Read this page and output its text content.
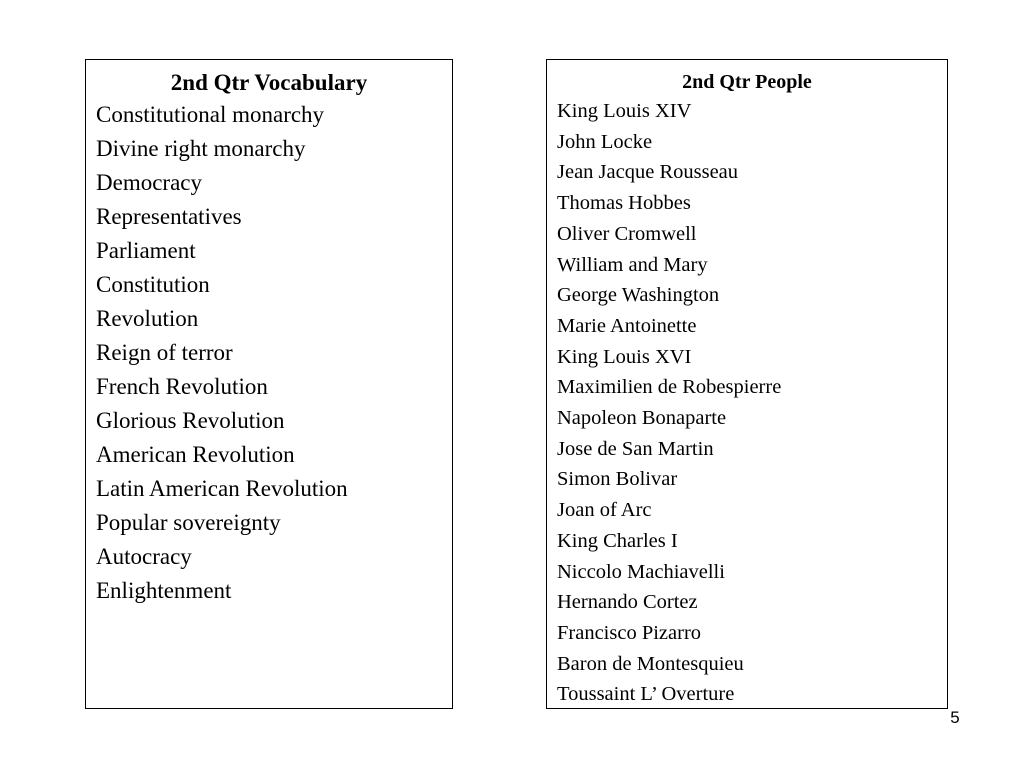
2nd Qtr Vocabulary

Constitutional monarchy
Divine right monarchy
Democracy
Representatives
Parliament
Constitution
Revolution
Reign of terror
French Revolution
Glorious Revolution
American Revolution
Latin American Revolution
Popular sovereignty
Autocracy
Enlightenment

2nd Qtr People

King Louis XIV
John Locke
Jean Jacque Rousseau
Thomas Hobbes
Oliver Cromwell
William and Mary
George Washington
Marie Antoinette
King Louis XVI
Maximilien de Robespierre
Napoleon Bonaparte
Jose de San Martin
Simon Bolivar
Joan of Arc
King Charles I
Niccolo Machiavelli
Hernando Cortez
Francisco Pizarro
Baron de Montesquieu
Toussaint L’ Overture
5
